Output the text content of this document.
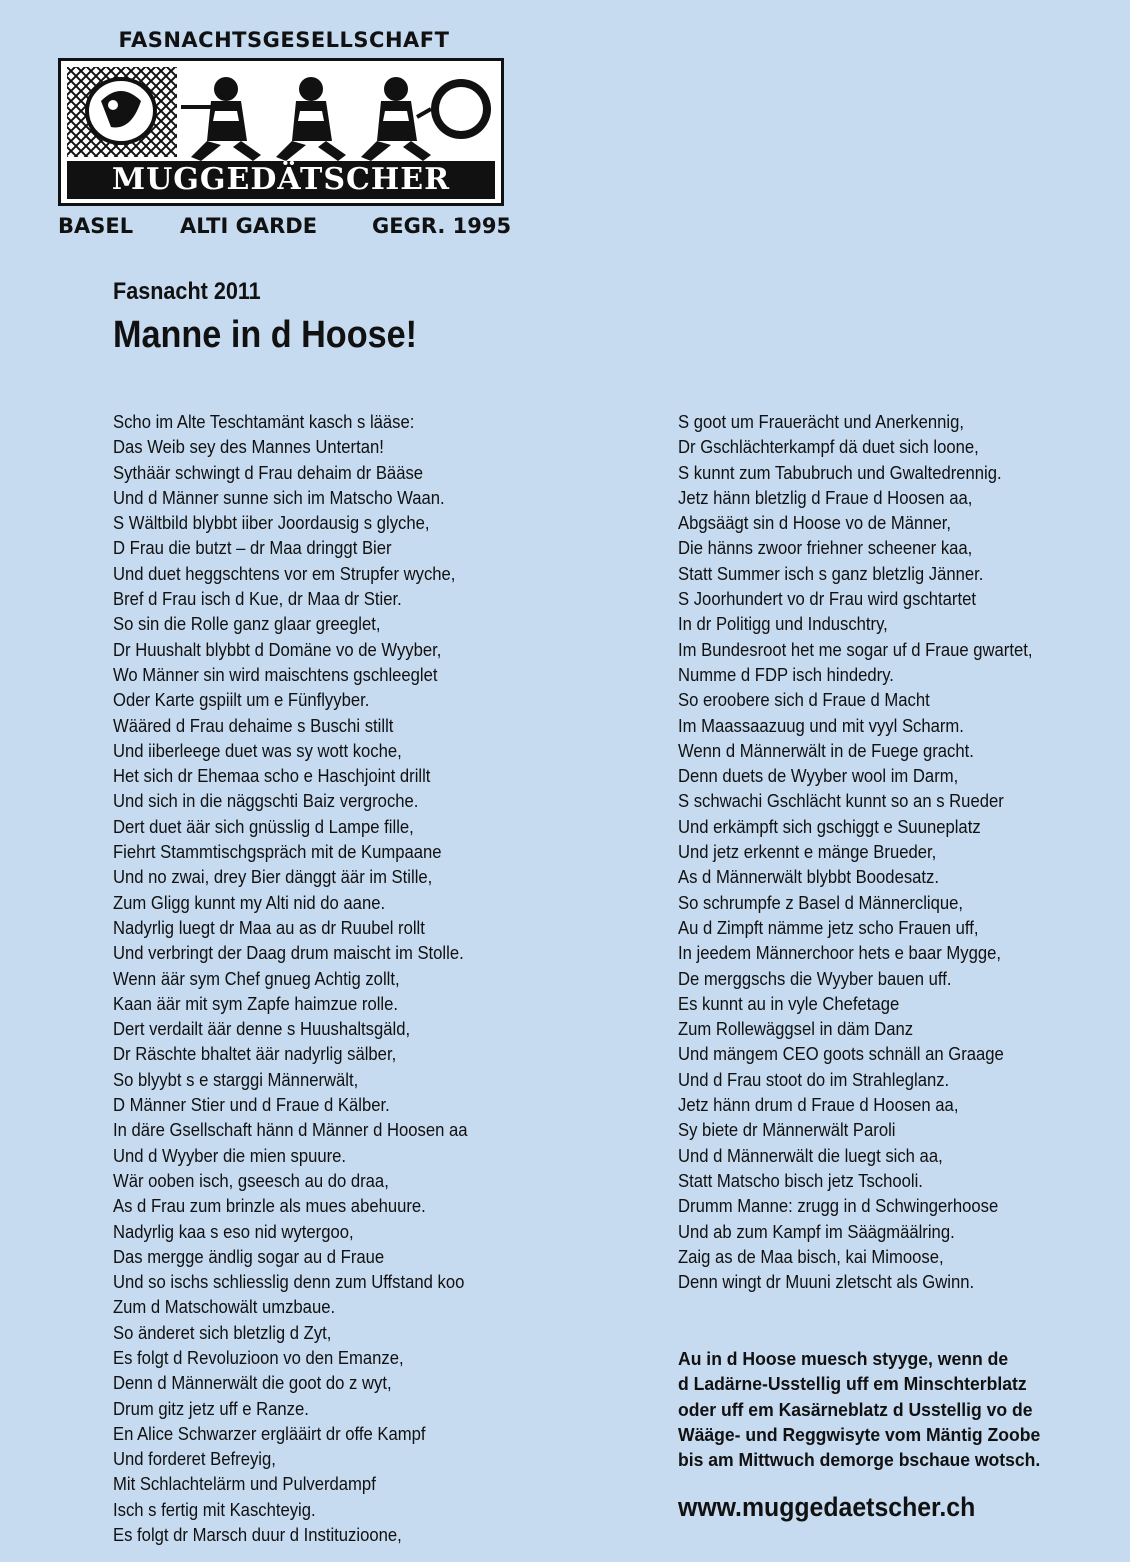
FASNACHTSGESELLSCHAFT
MUGGEDÄTSCHER
BASEL ALTI GARDE	GEGR. 1995
Fasnacht 2011
Manne in d Hoose!
Scho im Alte Teschtamänt kasch s lääse:
Das Weib sey des Mannes Untertan!
Sythäär schwingt d Frau dehaim dr Bääse
Und d Männer sunne sich im Matscho Waan.
S Wältbild blybbt iiber Joordausig s glyche,
D Frau die butzt – dr Maa dringgt Bier
Und duet heggschtens vor em Strupfer wyche,
Bref d Frau isch d Kue, dr Maa dr Stier.
So sin die Rolle ganz glaar greeglet,
Dr Huushalt blybbt d Domäne vo de Wyyber,
Wo Männer sin wird maischtens gschleeglet
Oder Karte gspiilt um e Fünflyyber.
Wääred d Frau dehaime s Buschi stillt
Und iiberleege duet was sy wott koche,
Het sich dr Ehemaa scho e Haschjoint drillt
Und sich in die näggschti Baiz vergroche.
Dert duet äär sich gnüsslig d Lampe fille,
Fiehrt Stammtischgspräch mit de Kumpaane
Und no zwai, drey Bier dänggt äär im Stille,
Zum Gligg kunnt my Alti nid do aane.
Nadyrlig luegt dr Maa au as dr Ruubel rollt
Und verbringt der Daag drum maischt im Stolle.
Wenn äär sym Chef gnueg Achtig zollt,
Kaan äär mit sym Zapfe haimzue rolle.
Dert verdailt äär denne s Huushaltsgäld,
Dr Räschte bhaltet äär nadyrlig sälber,
So blyybt s e starggi Männerwält,
D Männer Stier und d Fraue d Kälber.
In däre Gsellschaft hänn d Männer d Hoosen aa
Und d Wyyber die mien spuure.
Wär ooben isch, gseesch au do draa,
As d Frau zum brinzle als mues abehuure.
Nadyrlig kaa s eso nid wytergoo,
Das mergge ändlig sogar au d Fraue
Und so ischs schliesslig denn zum Uffstand koo
Zum d Matschowält umzbaue.
So änderet sich bletzlig d Zyt,
Es folgt d Revoluzioon vo den Emanze,
Denn d Männerwält die goot do z wyt,
Drum gitz jetz uff e Ranze.
En Alice Schwarzer erglääirt dr offe Kampf
Und forderet Befreyig,
Mit Schlachtelärm und Pulverdampf
Isch s fertig mit Kaschteyig.
Es folgt dr Marsch duur d Instituzioone,
S goot um Frauerächt und Anerkennig,
Dr Gschlächterkampf dä duet sich loone,
S kunnt zum Tabubruch und Gwaltedrennig.
Jetz hänn bletzlig d Fraue d Hoosen aa,
Abgsäägt sin d Hoose vo de Männer,
Die hänns zwoor friehner scheener kaa,
Statt Summer isch s ganz bletzlig Jänner.
S Joorhundert vo dr Frau wird gschtartet
In dr Politigg und Induschtry,
Im Bundesroot het me sogar uf d Fraue gwartet,
Numme d FDP isch hindedry.
So eroobere sich d Fraue d Macht
Im Maassaazuug und mit vyyl Scharm.
Wenn d Männerwält in de Fuege gracht.
Denn duets de Wyyber wool im Darm,
S schwachi Gschlächt kunnt so an s Rueder
Und erkämpft sich gschiggt e Suuneplatz
Und jetz erkennt e mänge Brueder,
As d Männerwält blybbt Boodesatz.
So schrumpfe z Basel d Männerclique,
Au d Zimpft nämme jetz scho Frauen uff,
In jeedem Männerchoor hets e baar Mygge,
De merggschs die Wyyber bauen uff.
Es kunnt au in vyle Chefetage
Zum Rollewäggsel in däm Danz
Und mängem CEO goots schnäll an Graage
Und d Frau stoot do im Strahleglanz.
Jetz hänn drum d Fraue d Hoosen aa,
Sy biete dr Männerwält Paroli
Und d Männerwält die luegt sich aa,
Statt Matscho bisch jetz Tschooli.
Drumm Manne: zrugg in d Schwingerhoose
Und ab zum Kampf im Säägmäälring.
Zaig as de Maa bisch, kai Mimoose,
Denn wingt dr Muuni zletscht als Gwinn.
Au in d Hoose muesch styyge, wenn de
d Ladärne-Usstellig uff em Minschterblatz
oder uff em Kasärneblatz d Usstellig vo de
Wääge- und Reggwisyte vom Mäntig Zoobe
bis am Mittwuch demorge bschaue wotsch.
www.muggedaetscher.ch
